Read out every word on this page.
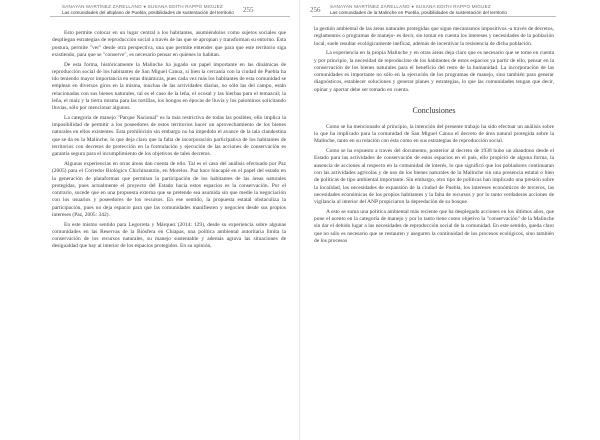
SANAYAN MARTÍNEZ ZARELLANO ● SUSANA EDITH RAPPO MIGUEZ
Las comunidades del altiplano de Puebla, posibilidades de sustentación del territorio	255

Esto permite colocar en un lugar central a los habitantes, asumiéndolos como sujetos sociales que despliegan estrategias de reproducción social a través de las que se apropian y transforman su entorno. Esta postura, permite "ver" desde otra perspectiva, una que permite entender que para que este territorio siga existiendo, para que se "conserve", es necesario pensar en quienes lo habitan.

De esta forma, históricamente la Malinche ha jugado un papel importante en las dinámicas de reproducción social de los habitantes de San Miguel Canoa, si bien la cercanía con la ciudad de Puebla ha ido teniendo mayor importancia en estas dinámicas, pues cada vez más los habitantes de esta comunidad se emplean en diversos giros en la misma, muchas de las actividades diarias, no sólo las del campo, están relacionadas con sus bienes naturales, tal es el caso de la leña, el ocosal y las hierbas para el temazcal; la leña, el maíz y la tierra misma para las tortillas, los hongos en épocas de lluvia y los palominos solicitando lluvias, sólo por mencionar algunos.

La categoría de manejo "Parque Nacional" es la más restrictiva de todas las posibles, ello implica la imposibilidad de permitir a los poseedores de estos territorios hacer un aprovechamiento de los bienes naturales en ellos existentes. Esta prohibición sin embargo no ha impedido el avance de la tala clandestina que se da en la Malinche, lo que deja claro que la falta de incorporación participativa de los habitantes de territorios con decretos de protección en la formulación y ejecución de las acciones de conservación es garantía segura para el incumplimiento de los objetivos de tales decretos.

Algunas experiencias en otras áreas dan cuenta de ello. Tal es el caso del análisis efectuado por Paz (2005) para el Corredor Biológico Chichinautzin, en Morelos. Paz hace hincapié en el papel del estado en la generación de plataformas que permitan la participación de los habitantes de las áreas naturales protegidas, pues actualmente el proyecto del Estado hacia estos espacios es la conservación. Por el contrario, sucede que en una propuesta externa que se pretende sea asumida sin que medie la negociación con los usuarios y poseedores de los recursos. En ese sentido, la propuesta estatal obstaculiza la participación, pues no deja espacio para que las comunidades manifiesten y negocien desde sus propios intereses (Paz, 2005: 342).

En este mismo sentido para Legorreta y Márquez (2014: 129), desde su experiencia sobre algunas comunidades en las Reservas de la Biósfera en Chiapas, una política ambiental autoritaria limita la conservación de los recursos naturales, su manejo sustentable y además agrava las situaciones de desigualdad que hay al interior de los espacios protegidos. En su opinión,

256 SANAYAN MARTÍNEZ ZARELLANO ● SUSANA EDITH RAPPO MIGUEZ
Las comunidades de la Malinche en Puebla, posibilidades de sustentación del territorio

la gestión ambiental de las áreas naturales protegidas que sigue mecanismos impositivos -a través de decretos, reglamentos o programas de manejo- es decir, sin tomar en cuenta los intereses y necesidades de la población local, suele resultar ecológicamente ineficaz, además de incentivar la resistencia de dicha población.

La experiencia en la propia Malinche y en otras áreas deja claro que es necesario que se tome en cuenta y por principio, la necesidad de reproducirse de los habitantes de estos espacios ya partir de ello, pensar en la conservación de los bienes naturales para el beneficio del resto de la humanidad. La incorporación de las comunidades es importante no sólo en la ejecución de los programas de manejo, sino también para generar diagnósticos, establecer soluciones y generar planes y estrategias, lo que las comunidades tengan que decir, opinar y aportar debe ser tomado en cuenta.

Conclusiones

Como se ha mencionado al principio, la intención del presente trabajo ha sido efectuar un análisis sobre lo que ha implicado para la comunidad de San Miguel Canoa el decreto de área natural protegida sobre la Malinche, tanto en su relación con ésta como en sus estrategias de reproducción social.

Como se ha expuesto a través del documento, posterior al decreto de 1938 hubo un abandono desde el Estado para las actividades de conservación de estos espacios en el país, ello propició de alguna forma, la ausencia de acciones al respecto en la comunidad de interés, lo que significó que los pobladores continuaran con las actividades agrícolas y de uso de los bienes naturales de la Malinche sin una presencia estatal o bien de políticas de tipo ambiental importante. Sin embargo, otro tipo de políticas han implicado una presión sobre la localidad, las necesidades de expansión de la ciudad de Puebla, los intereses económicos de terceros, las necesidades económicas de los propios habitantes y la falta de recursos y por lo tanto verdaderas acciones de vigilancia al interior del ANP propiciaron la depredación de su bosque.

A esto se suma una política ambiental más reciente que ha desplegado acciones en los últimos años, que pone el acento en la categoría de manejo y por lo tanto tiene como objetivo la "conservación" de la Malinche sin dar el debido lugar a las necesidades de reproducción social de la comunidad. En este sentido, queda claro que no sólo es necesario que se restauren y aseguren la continuidad de los procesos ecológicos, sino también de los procesos
